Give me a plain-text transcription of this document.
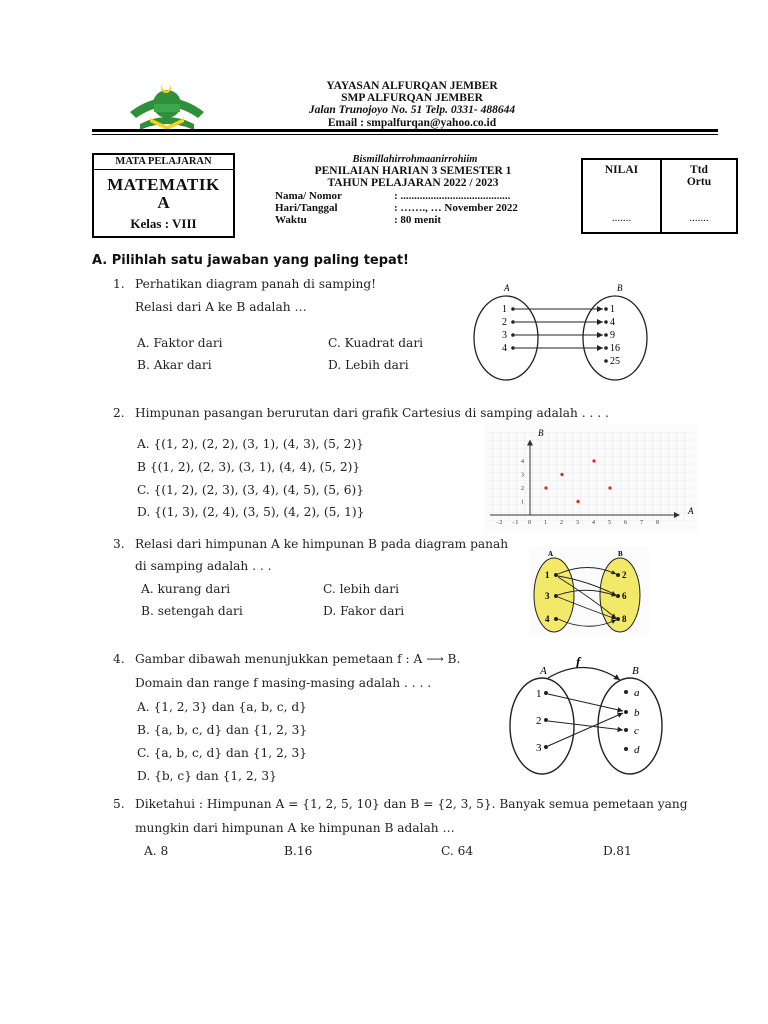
YAYASAN ALFURQAN JEMBER
SMP ALFURQAN JEMBER
Jalan Trunojoyo No. 51 Telp. 0331- 488644
Email : smpalfurqan@yahoo.co.id
MATA PELAJARAN
MATEMATIK
A
Kelas : VIII
Bismillahirrohmaanirrohiim
PENILAIAN HARIAN 3 SEMESTER 1
TAHUN PELAJARAN 2022 / 2023
Nama/ Nomor	: ........................................
Hari/Tanggal	: ……., … November 2022
Waktu	: 80 menit
NILAI
.......
Ttd
Ortu
.......
A. Pilihlah satu jawaban yang paling tepat!
1. Perhatikan diagram panah di samping!
Relasi dari A ke B adalah …
A. Faktor dari	C. Kuadrat dari
B. Akar dari	D. Lebih dari
A	B
1
2
3
4
1
4
9
16
25
2. Himpunan pasangan berurutan dari grafik Cartesius di samping adalah . . . .
A. {(1, 2), (2, 2), (3, 1), (4, 3), (5, 2)}
B {(1, 2), (2, 3), (3, 1), (4, 4), (5, 2)}
C. {(1, 2), (2, 3), (3, 4), (4, 5), (5, 6)}
D. {(1, 3), (2, 4), (3, 5), (4, 2), (5, 1)}
−2 −1 0 1 2 3 4 5 6 7 8
1
2
3
4
B
A
3. Relasi dari himpunan A ke himpunan B pada diagram panah
di samping adalah . . .
A. kurang dari	C. lebih dari
B. setengah dari	D. Fakor dari
A	B
1
3
4
2
6
8
4. Gambar dibawah menunjukkan pemetaan f : A ⟶ B.
Domain dan range f masing-masing adalah . . . .
A. {1, 2, 3} dan {a, b, c, d}
B. {a, b, c, d} dan {1, 2, 3}
C. {a, b, c, d} dan {1, 2, 3}
D. {b, c} dan {1, 2, 3}
A	B
f
1
2
3
a
b
c
d
5. Diketahui : Himpunan A = {1, 2, 5, 10} dan B = {2, 3, 5}. Banyak semua pemetaan yang
mungkin dari himpunan A ke himpunan B adalah …
A. 8	B.16	C. 64	D.81
